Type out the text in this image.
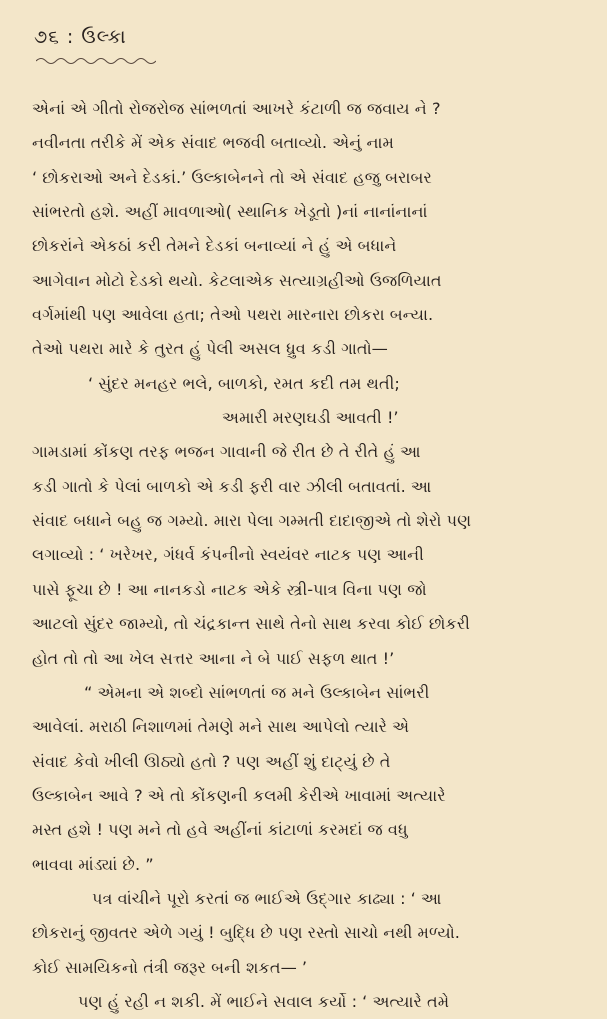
૭૬ : ઉલ્કા
એનાં એ ગીતો રોજરોજ સાંભળતાં આખરે કંટાળી જ જવાય ને ?
નવીનતા તરીકે મેં એક સંવાદ ભજવી બતાવ્યો. એનું નામ
‘ છોકરાઓ અને દેડકાં.’ ઉલ્કાબેનને તો એ સંવાદ હજુ બરાબર
સાંભરતો હશે. અહીં માવળાઓ( સ્થાનિક ખેડૂતો )નાં નાનાંનાનાં
છોકરાંને એકઠાં કરી તેમને દેડકાં બનાવ્યાં ને હું એ બધાને
આગેવાન મોટો દેડકો થયો. કેટલાએક સત્યાગ્રહીઓ ઉજળિયાત
વર્ગમાંથી પણ આવેલા હતા; તેઓ પથરા મારનારા છોકરા બન્યા.
તેઓ પથરા મારે કે તુરત હું પેલી અસલ ધ્રુવ કડી ગાતો—
‘ સુંદર મનહર ભલે, બાળકો, રમત કદી તમ થતી;
અમારી મરણઘડી આવતી !’
ગામડામાં કોંકણ તરફ ભજન ગાવાની જે રીત છે તે રીતે હું આ
કડી ગાતો કે પેલાં બાળકો એ કડી ફરી વાર ઝીલી બતાવતાં. આ
સંવાદ બધાને બહુ જ ગમ્યો. મારા પેલા ગમ્મતી દાદાજીએ તો શેરો પણ
લગાવ્યો : ‘ ખરેખર, ગંધર્વ કંપનીનો સ્વયંવર નાટક પણ આની
પાસે ફૂચા છે ! આ નાનકડો નાટક એકે સ્ત્રી-પાત્ર વિના પણ જો
આટલો સુંદર જામ્યો, તો ચંદ્રકાન્ત સાથે તેનો સાથ કરવા કોઈ છોકરી
હોત તો તો આ ખેલ સત્તર આના ને બે પાઈ સફળ થાત !’
“ એમના એ શબ્દો સાંભળતાં જ મને ઉલ્કાબેન સાંભરી
આવેલાં. મરાઠી નિશાળમાં તેમણે મને સાથ આપેલો ત્યારે એ
સંવાદ કેવો ખીલી ઊઠ્યો હતો ? પણ અહીં શું દાટ્યું છે તે
ઉલ્કાબેન આવે ? એ તો કોંકણની કલમી કેરીએ ખાવામાં અત્યારે
મસ્ત હશે ! પણ મને તો હવે અહીંનાં કાંટાળાં કરમદાં જ વધુ
ભાવવા માંડ્યાં છે. ”
પત્ર વાંચીને પૂરો કરતાં જ ભાઈએ ઉદ્ગાર કાઢ્યા : ‘ આ
છોકરાનું જીવતર એળે ગયું ! બુદ્ધિ છે પણ રસ્તો સાચો નથી મળ્યો.
કોઈ સામયિકનો તંત્રી જરૂર બની શકત— ’
પણ હું રહી ન શકી. મેં ભાઈને સવાલ કર્યો : ‘ અત્યારે તમે
